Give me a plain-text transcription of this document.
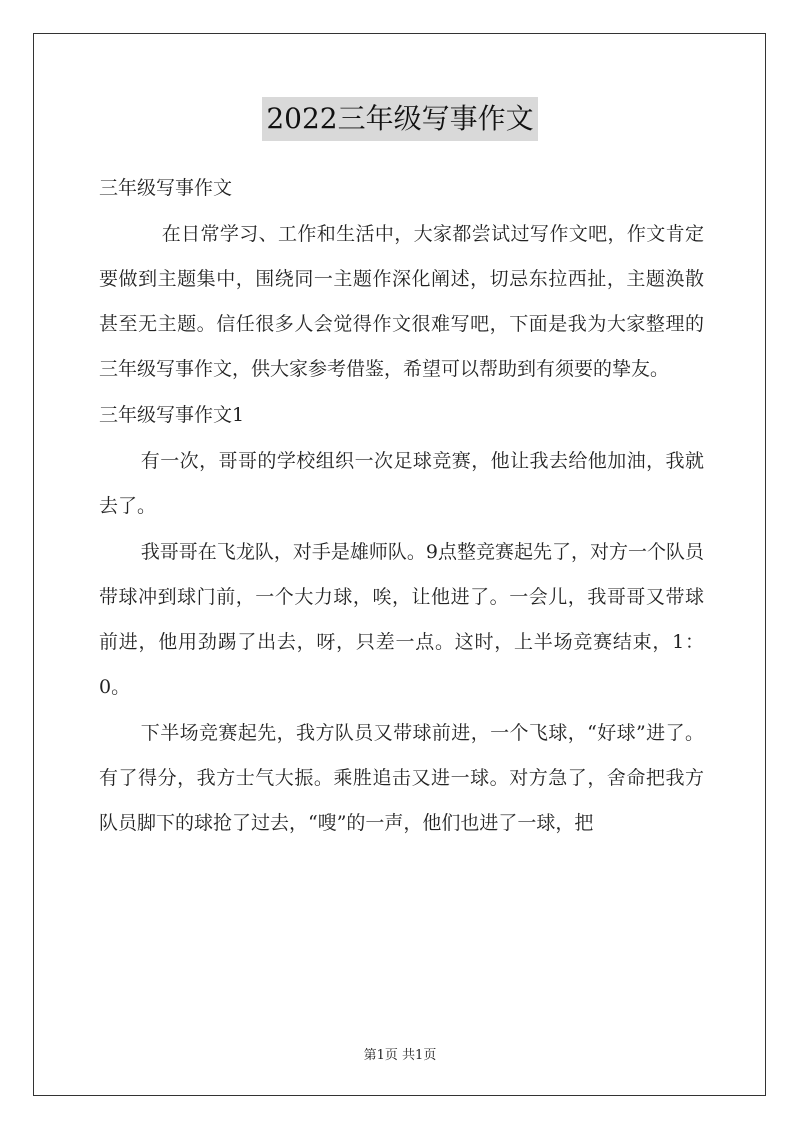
2022三年级写事作文

三年级写事作文

在日常学习、工作和生活中，大家都尝试过写作文吧，作文肯定要做到主题集中，围绕同一主题作深化阐述，切忌东拉西扯，主题涣散甚至无主题。信任很多人会觉得作文很难写吧，下面是我为大家整理的三年级写事作文，供大家参考借鉴，希望可以帮助到有须要的挚友。

三年级写事作文1

有一次，哥哥的学校组织一次足球竞赛，他让我去给他加油，我就去了。

我哥哥在飞龙队，对手是雄师队。9点整竞赛起先了，对方一个队员带球冲到球门前，一个大力球，唉，让他进了。一会儿，我哥哥又带球前进，他用劲踢了出去，呀，只差一点。这时，上半场竞赛结束，1：0。

下半场竞赛起先，我方队员又带球前进，一个飞球，“好球”进了。有了得分，我方士气大振。乘胜追击又进一球。对方急了，舍命把我方队员脚下的球抢了过去，“嗖”的一声，他们也进了一球，把

第1页 共1页
